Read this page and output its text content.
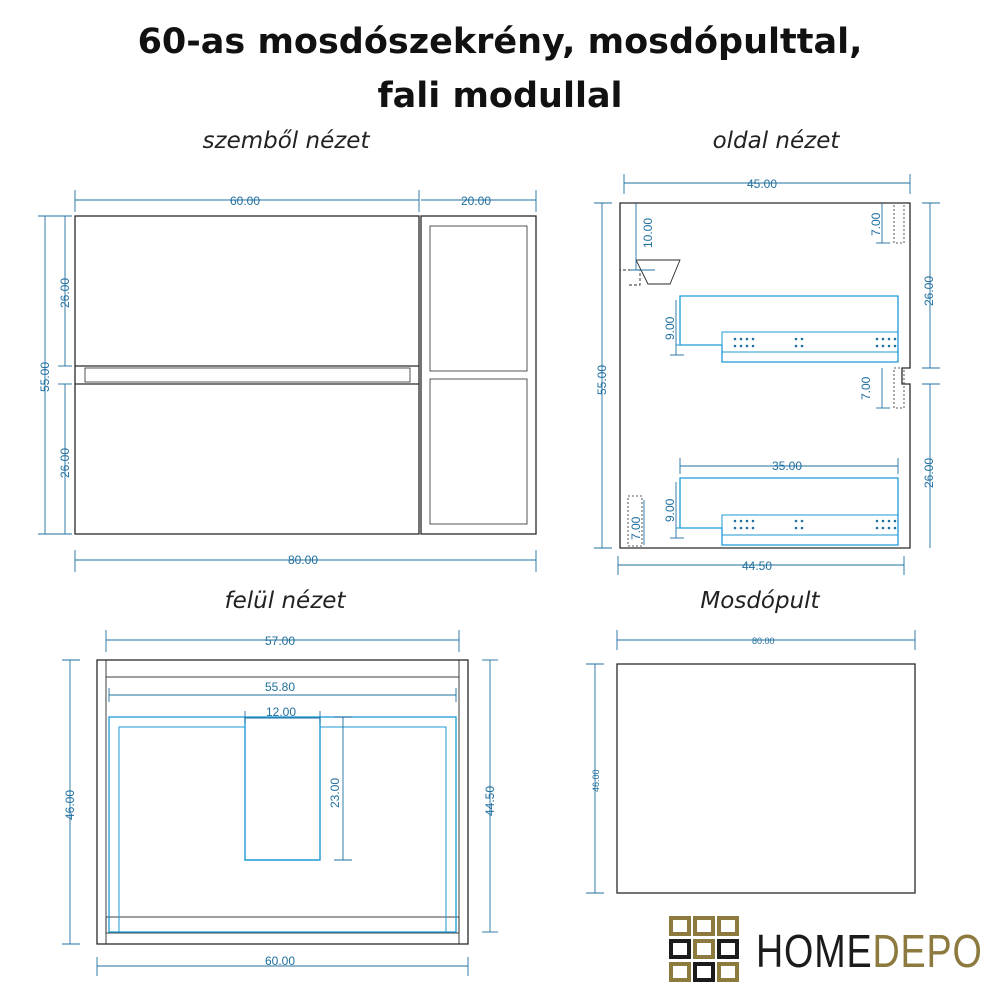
60-as mosdószekrény, mosdópulttal,
fali modullal
szemből nézet	oldal nézet
felül nézet	Mosdópult
60.00	20.00
55.00
26.00
26.00
80.00
45.00
10.00	7.00
26.00
55.00
9.00
7.00
35.00	26.00
9.00
7.00
44.50
57.00
55.80
12.00
23.00
46.00	44.50
60.00
80.00
46.00
HOMEDEPO
